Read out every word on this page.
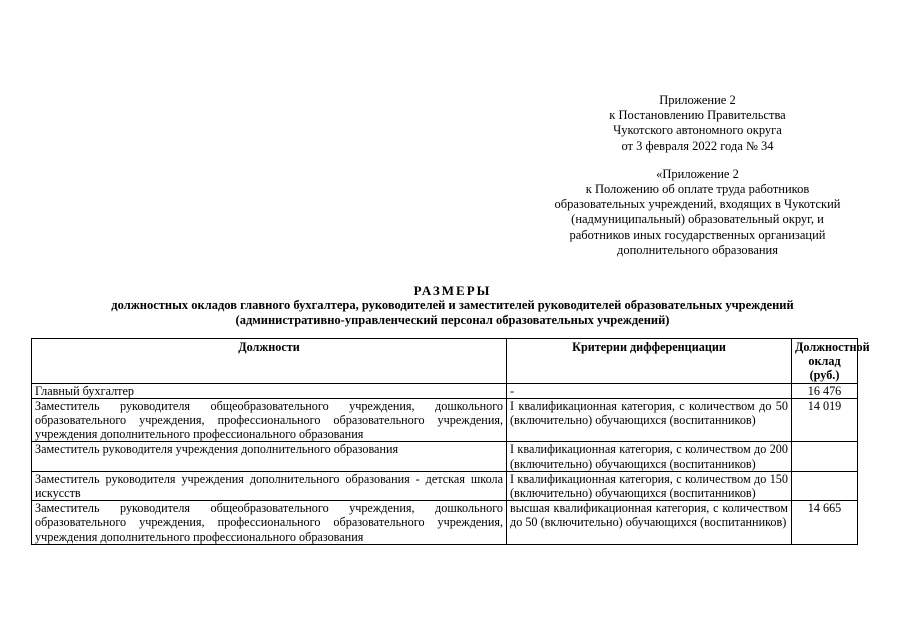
Приложение 2
к Постановлению Правительства
Чукотского автономного округа
от 3 февраля 2022 года № 34
«Приложение 2
к Положению об оплате труда работников
образовательных учреждений, входящих в Чукотский
(надмуниципальный) образовательный округ, и
работников иных государственных организаций
дополнительного образования
РАЗМЕРЫ
должностных окладов главного бухгалтера, руководителей и заместителей руководителей образовательных учреждений
(административно-управленческий персонал образовательных учреждений)
Должности	Критерии дифференциации	Должностной оклад (руб.)
Главный бухгалтер	-	16 476
Заместитель руководителя общеобразовательного учреждения, дошкольного образовательного учреждения, профессионального образовательного учреждения, учреждения дополнительного профессионального образования	I квалификационная категория, с количеством до 50 (включительно) обучающихся (воспитанников)	14 019
Заместитель руководителя учреждения дополнительного образования	I квалификационная категория, с количеством до 200 (включительно) обучающихся (воспитанников)	
Заместитель руководителя учреждения дополнительного образования - детская школа искусств	I квалификационная категория, с количеством до 150 (включительно) обучающихся (воспитанников)	
Заместитель руководителя общеобразовательного учреждения, дошкольного образовательного учреждения, профессионального образовательного учреждения, учреждения дополнительного профессионального образования	высшая квалификационная категория, с количеством до 50 (включительно) обучающихся (воспитанников)	14 665
